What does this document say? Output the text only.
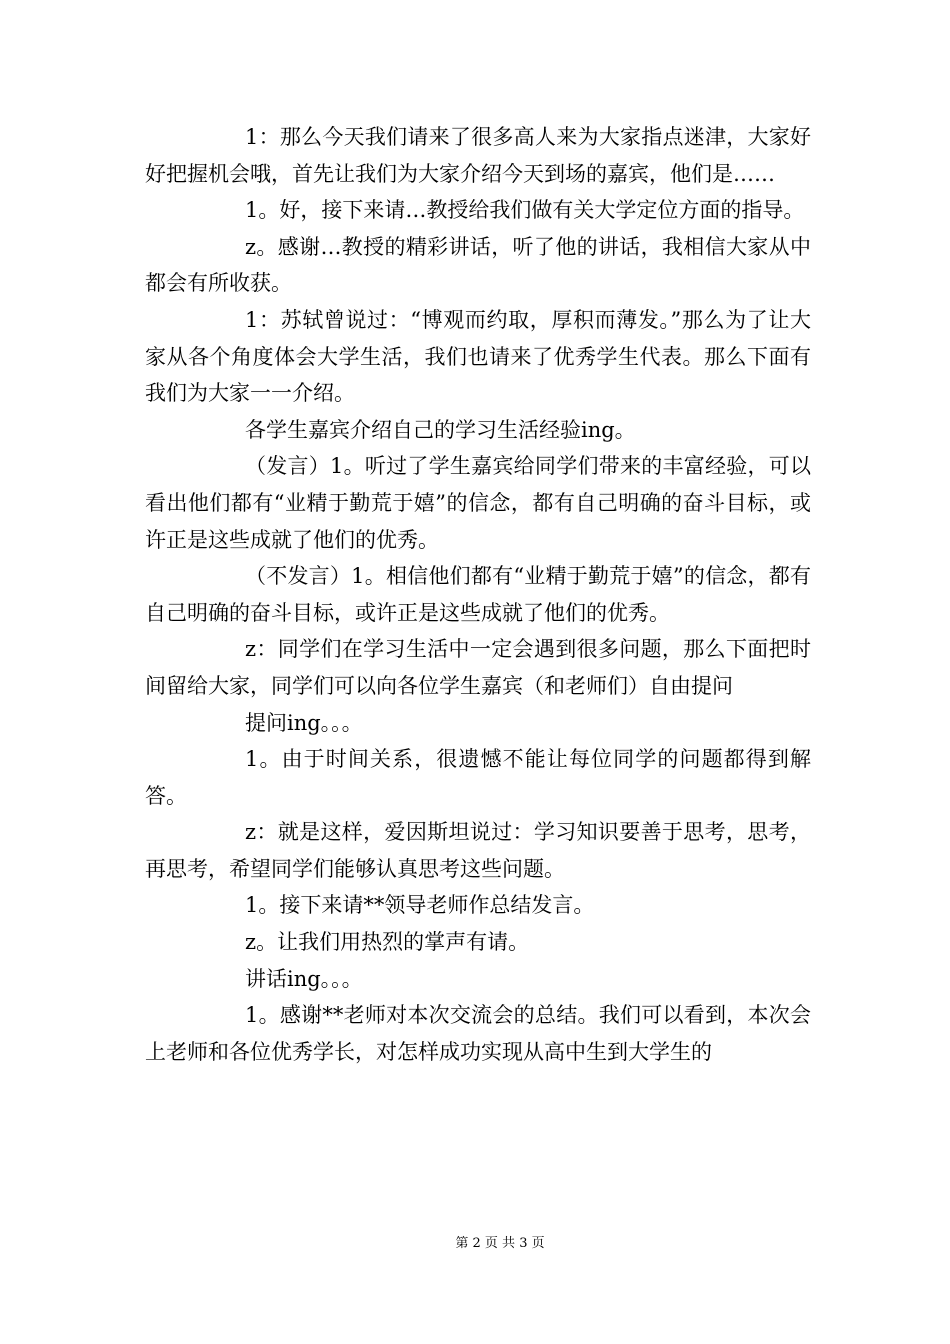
1：那么今天我们请来了很多高人来为大家指点迷津，大家好好把握机会哦，首先让我们为大家介绍今天到场的嘉宾，他们是……

1。好，接下来请…教授给我们做有关大学定位方面的指导。

z。感谢…教授的精彩讲话，听了他的讲话，我相信大家从中都会有所收获。

1：苏轼曾说过：“博观而约取，厚积而薄发。”那么为了让大家从各个角度体会大学生活，我们也请来了优秀学生代表。那么下面有我们为大家一一介绍。

各学生嘉宾介绍自己的学习生活经验ing。

（发言）1。听过了学生嘉宾给同学们带来的丰富经验，可以看出他们都有“业精于勤荒于嬉”的信念，都有自己明确的奋斗目标，或许正是这些成就了他们的优秀。

（不发言）1。相信他们都有“业精于勤荒于嬉”的信念，都有自己明确的奋斗目标，或许正是这些成就了他们的优秀。

z：同学们在学习生活中一定会遇到很多问题，那么下面把时间留给大家，同学们可以向各位学生嘉宾（和老师们）自由提问

提问ing。。。

1。由于时间关系，很遗憾不能让每位同学的问题都得到解答。

z：就是这样，爱因斯坦说过：学习知识要善于思考，思考，再思考，希望同学们能够认真思考这些问题。

1。接下来请**领导老师作总结发言。

z。让我们用热烈的掌声有请。

讲话ing。。。

1。感谢**老师对本次交流会的总结。我们可以看到，本次会上老师和各位优秀学长，对怎样成功实现从高中生到大学生的

第 2 页 共 3 页
